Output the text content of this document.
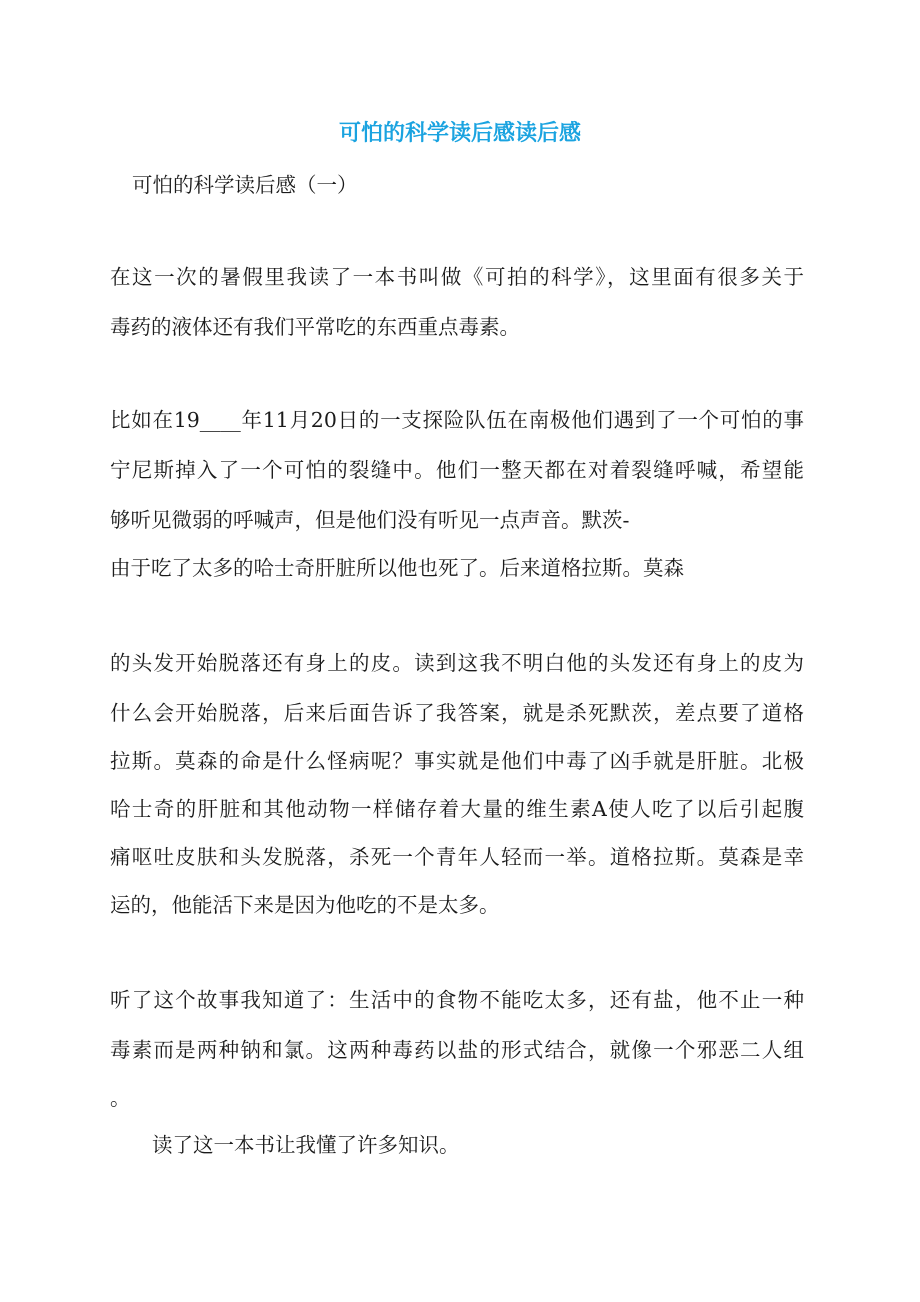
可怕的科学读后感读后感
可怕的科学读后感（一）
在这一次的暑假里我读了一本书叫做《可拍的科学》，这里面有很多关于
毒药的液体还有我们平常吃的东西重点毒素。
比如在19____年11月20日的一支探险队伍在南极他们遇到了一个可怕的事
宁尼斯掉入了一个可怕的裂缝中。他们一整天都在对着裂缝呼喊，希望能
够听见微弱的呼喊声，但是他们没有听见一点声音。默茨-
由于吃了太多的哈士奇肝脏所以他也死了。后来道格拉斯。莫森
的头发开始脱落还有身上的皮。读到这我不明白他的头发还有身上的皮为
什么会开始脱落，后来后面告诉了我答案，就是杀死默茨，差点要了道格
拉斯。莫森的命是什么怪病呢？事实就是他们中毒了凶手就是肝脏。北极
哈士奇的肝脏和其他动物一样储存着大量的维生素A使人吃了以后引起腹
痛呕吐皮肤和头发脱落，杀死一个青年人轻而一举。道格拉斯。莫森是幸
运的，他能活下来是因为他吃的不是太多。
听了这个故事我知道了：生活中的食物不能吃太多，还有盐，他不止一种
毒素而是两种钠和氯。这两种毒药以盐的形式结合，就像一个邪恶二人组
。
读了这一本书让我懂了许多知识。
